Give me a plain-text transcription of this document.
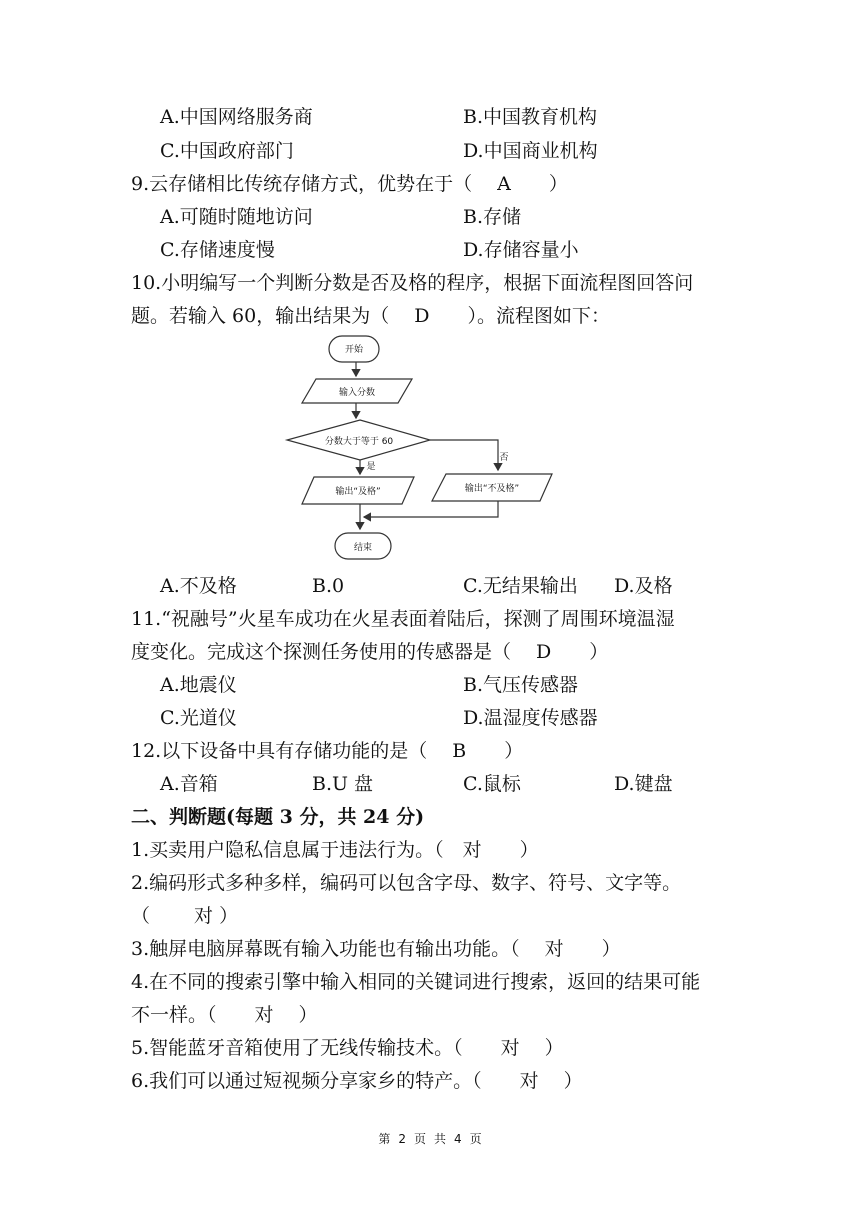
A.中国网络服务商	B.中国教育机构
C.中国政府部门	D.中国商业机构
9.云存储相比传统存储方式，优势在于（　 A　　）
A.可随时随地访问	B.存储
C.存储速度慢	D.存储容量小
10.小明编写一个判断分数是否及格的程序，根据下面流程图回答问
题。若输入 60，输出结果为（　 D　　）。流程图如下：
开始
输入分数
分数大于等于 60
是
否
输出“及格”	输出“不及格”
结束
A.不及格	B.0	C.无结果输出 D.及格
11.“祝融号”火星车成功在火星表面着陆后，探测了周围环境温湿
度变化。完成这个探测任务使用的传感器是（　 D　　）
A.地震仪	B.气压传感器
C.光道仪	D.温湿度传感器
12.以下设备中具有存储功能的是（　 B　　）
A.音箱	B.U 盘	C.鼠标	D.键盘
二、判断题(每题 3 分，共 24 分)
1.买卖用户隐私信息属于违法行为。（　对　　）
2.编码形式多种多样，编码可以包含字母、数字、符号、文字等。
（　　 对 ）
3.触屏电脑屏幕既有输入功能也有输出功能。（　 对　　）
4.在不同的搜索引擎中输入相同的关键词进行搜索，返回的结果可能
不一样。（　　对　 ）
5.智能蓝牙音箱使用了无线传输技术。（　　对　 ）
6.我们可以通过短视频分享家乡的特产。（　　对　 ）
第 2 页 共 4 页
